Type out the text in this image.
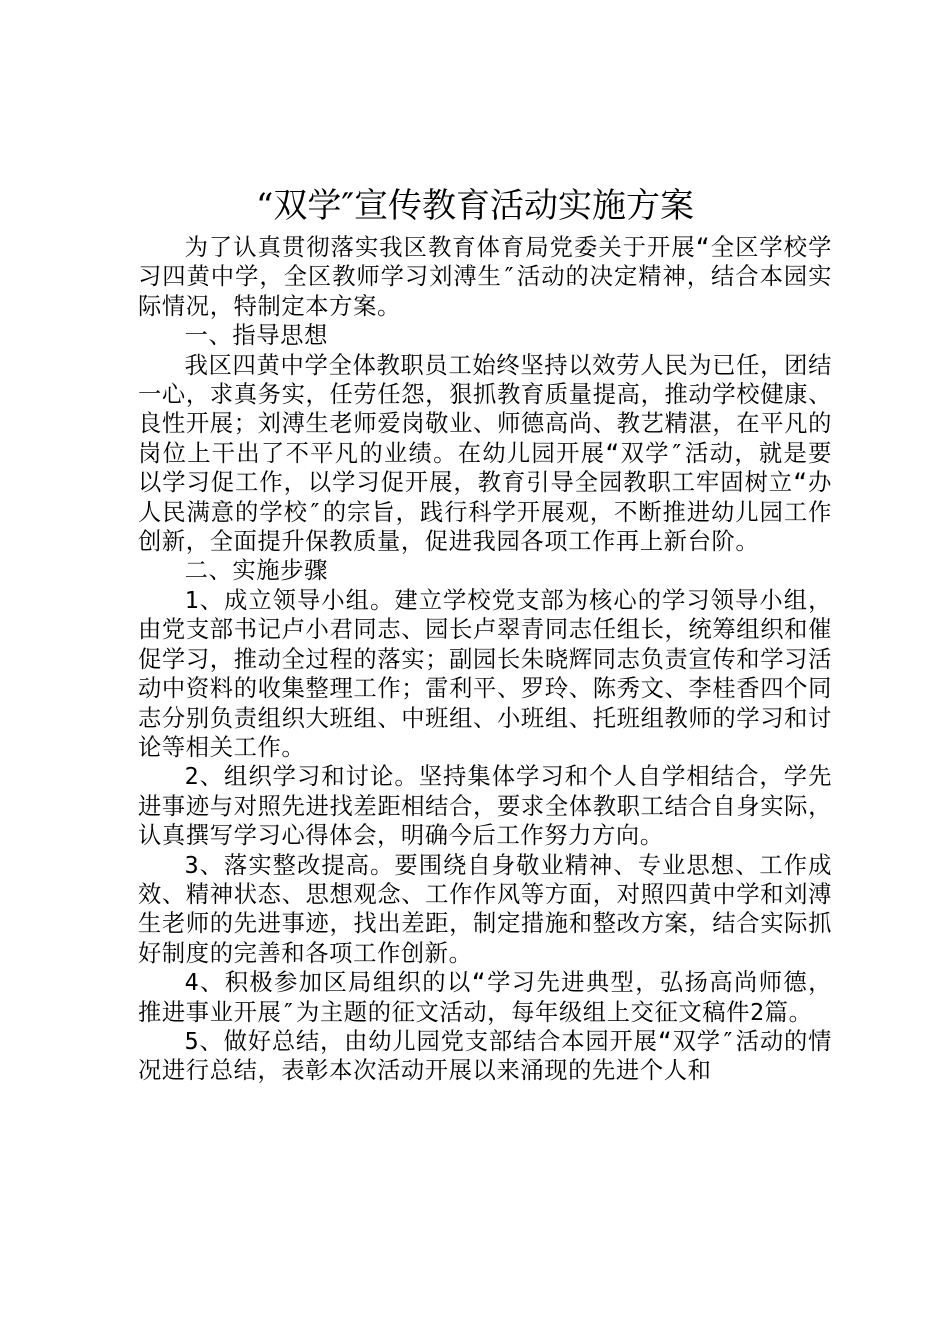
“双学″宣传教育活动实施方案

为了认真贯彻落实我区教育体育局党委关于开展“全区学校学习四黄中学，全区教师学习刘溥生″活动的决定精神，结合本园实际情况，特制定本方案。

一、指导思想

我区四黄中学全体教职员工始终坚持以效劳人民为已任，团结一心，求真务实，任劳任怨，狠抓教育质量提高，推动学校健康、良性开展；刘溥生老师爱岗敬业、师德高尚、教艺精湛，在平凡的岗位上干出了不平凡的业绩。在幼儿园开展“双学″活动，就是要以学习促工作，以学习促开展，教育引导全园教职工牢固树立“办人民满意的学校″的宗旨，践行科学开展观，不断推进幼儿园工作创新，全面提升保教质量，促进我园各项工作再上新台阶。

二、实施步骤

1、成立领导小组。建立学校党支部为核心的学习领导小组，由党支部书记卢小君同志、园长卢翠青同志任组长，统筹组织和催促学习，推动全过程的落实；副园长朱晓辉同志负责宣传和学习活动中资料的收集整理工作；雷利平、罗玲、陈秀文、李桂香四个同志分别负责组织大班组、中班组、小班组、托班组教师的学习和讨论等相关工作。

2、组织学习和讨论。坚持集体学习和个人自学相结合，学先进事迹与对照先进找差距相结合，要求全体教职工结合自身实际，认真撰写学习心得体会，明确今后工作努力方向。

3、落实整改提高。要围绕自身敬业精神、专业思想、工作成效、精神状态、思想观念、工作作风等方面，对照四黄中学和刘溥生老师的先进事迹，找出差距，制定措施和整改方案，结合实际抓好制度的完善和各项工作创新。

4、积极参加区局组织的以“学习先进典型，弘扬高尚师德，推进事业开展″为主题的征文活动，每年级组上交征文稿件2篇。

5、做好总结，由幼儿园党支部结合本园开展“双学″活动的情况进行总结，表彰本次活动开展以来涌现的先进个人和
